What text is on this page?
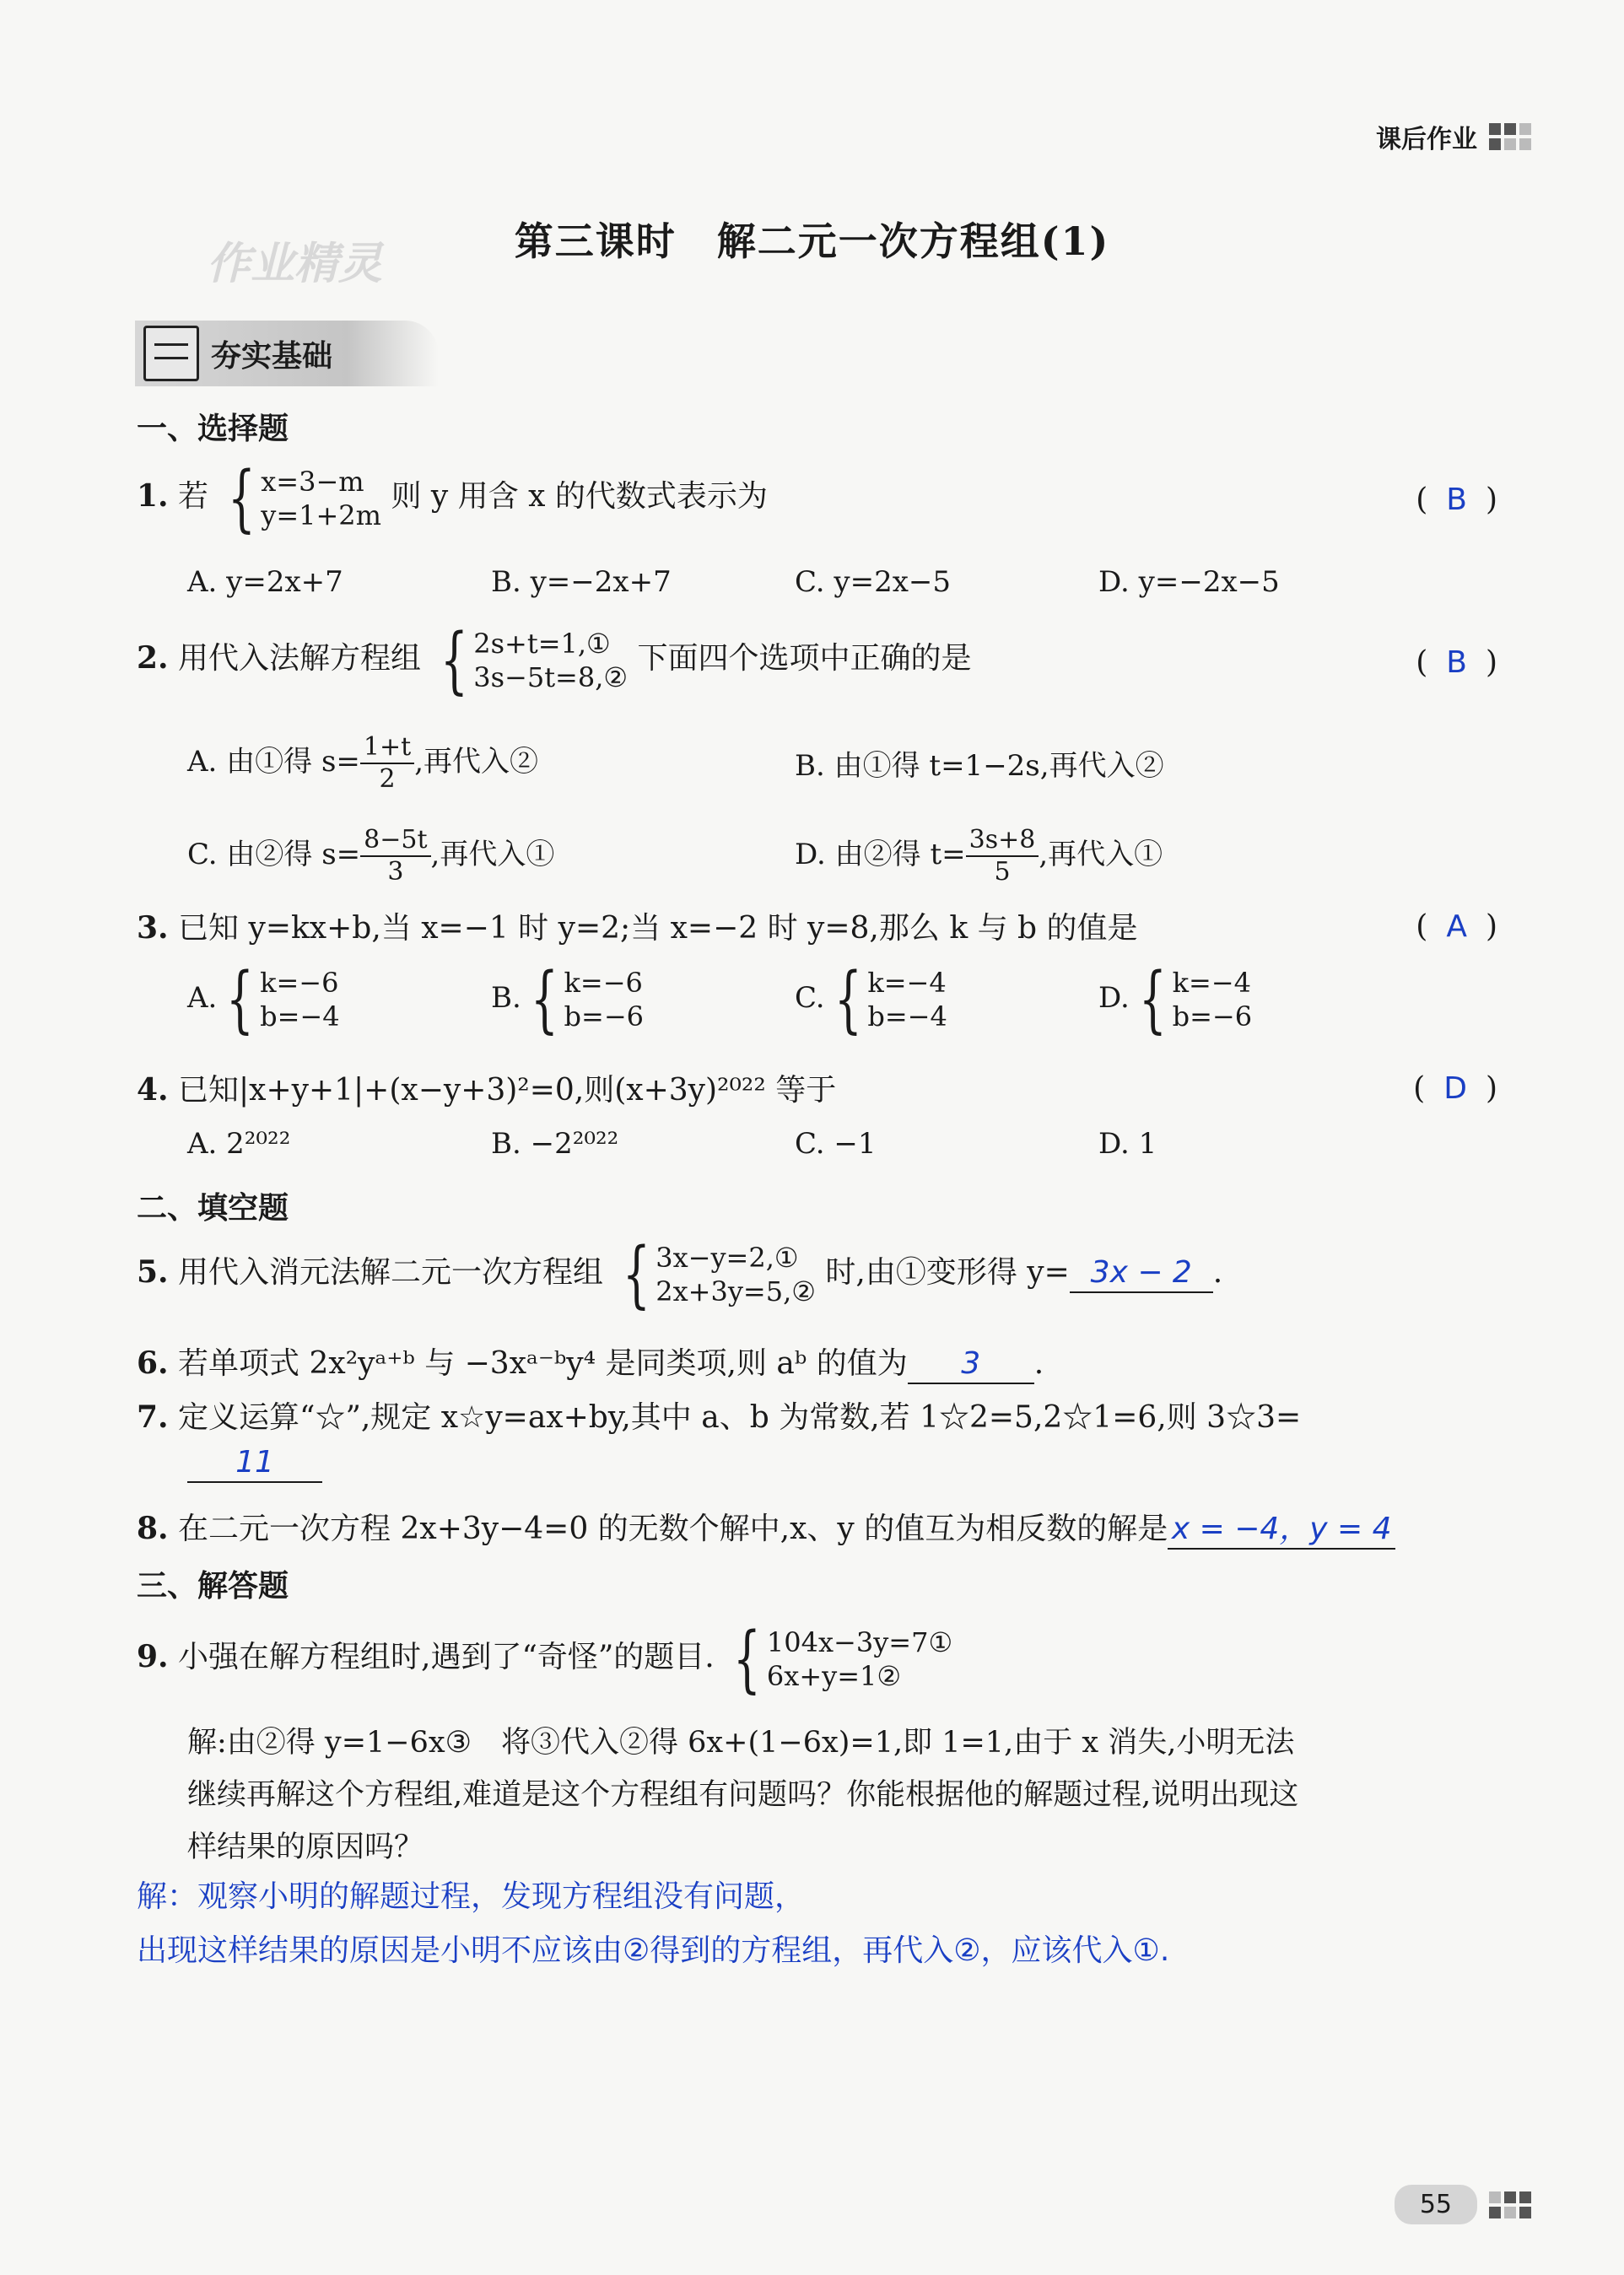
课后作业
作业精灵	第三课时　解二元一次方程组(1)
夯实基础
一、选择题
1. 若 { x=3−m
y=1+2m
则 y 用含 x 的代数式表示为	( B )
A. y=2x+7	B. y=−2x+7	C. y=2x−5	D. y=−2x−5
2. 用代入法解方程组 { 2s+t=1,①
3s−5t=8,②
下面四个选项中正确的是	( B )
A. 由①得 $s= \frac{1+t}{2}$ ,再代入②	B. 由①得 t=1−2s,再代入②
C. 由②得 $s= \frac{8-5t}{3}$ ,再代入①	D. 由②得 $t= \frac{3s+8}{5}$ ,再代入①
3. 已知 y=kx+b,当 x=−1 时 y=2;当 x=−2 时 y=8,那么 k 与 b 的值是	( A )
A. { k=−6
b=−4
B. { k=−6
b=−6
C. { k=−4
b=−4
D. { k=−4
b=−6
4. 已知|x+y+1|+(x−y+3)²=0,则(x+3y)²⁰²² 等于	( D )
A. 2²⁰²²	B. −2²⁰²²	C. −1	D. 1
二、填空题
5. 用代入消元法解二元一次方程组 { 3x−y=2,①
2x+3y=5,②
时,由①变形得 y= 3x − 2 .
6. 若单项式 2x²yᵃ⁺ᵇ 与 −3xᵃ⁻ᵇy⁴ 是同类项,则 aᵇ 的值为 3 .
7. 定义运算“☆”,规定 x☆y=ax+by,其中 a、b 为常数,若 1☆2=5,2☆1=6,则 3☆3=
11
8. 在二元一次方程 2x+3y−4=0 的无数个解中,x、y 的值互为相反数的解是 x = −4，y = 4
三、解答题
9. 小强在解方程组时,遇到了“奇怪”的题目. { 104x−3y=7①
6x+y=1②
解:由②得 y=1−6x③　将③代入②得 6x+(1−6x)=1,即 1=1,由于 x 消失,小明无法
继续再解这个方程组,难道是这个方程组有问题吗？你能根据他的解题过程,说明出现这
样结果的原因吗？
解：观察小明的解题过程，发现方程组没有问题，
出现这样结果的原因是小明不应该由②得到的方程组，再代入②，应该代入①.
55
